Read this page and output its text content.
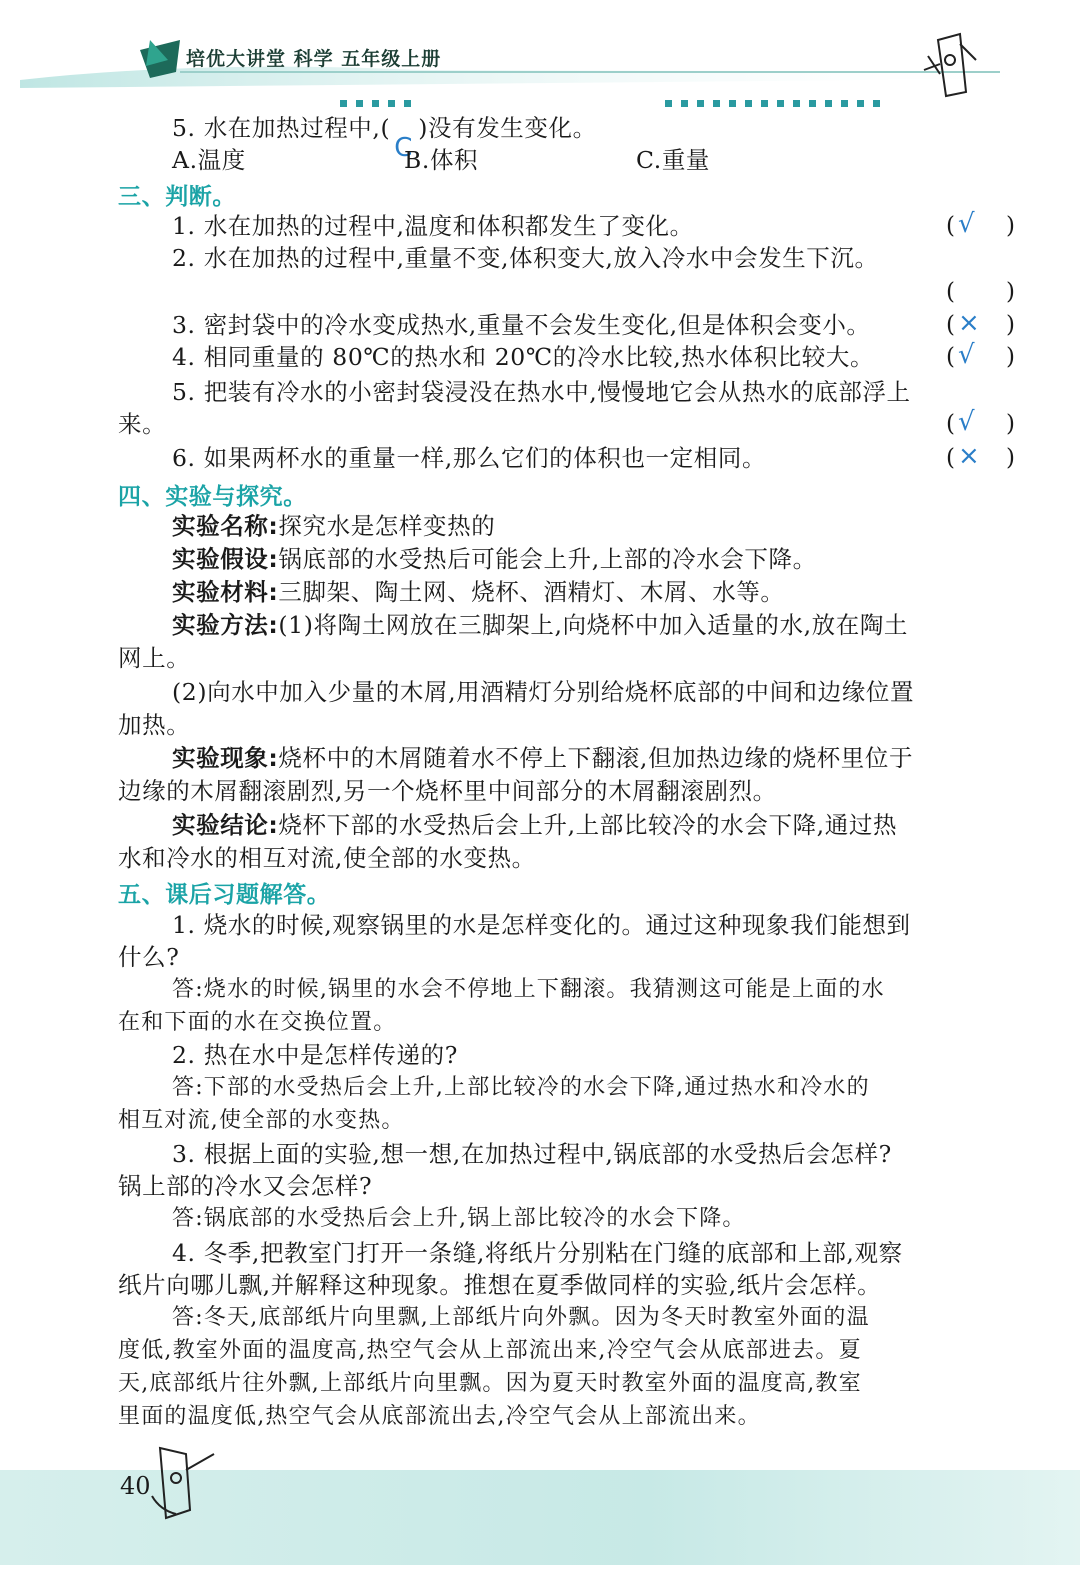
培优大讲堂 科学 五年级上册
5. 水在加热过程中,(
C
)没有发生变化。
A.温度	B.体积	C.重量
三、判断。
1. 水在加热的过程中,温度和体积都发生了变化。	( √ )
2. 水在加热的过程中,重量不变,体积变大,放入冷水中会发生下沉。
( )
3. 密封袋中的冷水变成热水,重量不会发生变化,但是体积会变小。	( × )
4. 相同重量的 80℃的热水和 20℃的冷水比较,热水体积比较大。	( √ )
5. 把装有冷水的小密封袋浸没在热水中,慢慢地它会从热水的底部浮上
来。	( √ )
6. 如果两杯水的重量一样,那么它们的体积也一定相同。	( × )
四、实验与探究。
实验名称:探究水是怎样变热的
实验假设:锅底部的水受热后可能会上升,上部的冷水会下降。
实验材料:三脚架、陶土网、烧杯、酒精灯、木屑、水等。
实验方法:(1)将陶土网放在三脚架上,向烧杯中加入适量的水,放在陶土
网上。
(2)向水中加入少量的木屑,用酒精灯分别给烧杯底部的中间和边缘位置
加热。
实验现象:烧杯中的木屑随着水不停上下翻滚,但加热边缘的烧杯里位于
边缘的木屑翻滚剧烈,另一个烧杯里中间部分的木屑翻滚剧烈。
实验结论:烧杯下部的水受热后会上升,上部比较冷的水会下降,通过热
水和冷水的相互对流,使全部的水变热。
五、课后习题解答。
1. 烧水的时候,观察锅里的水是怎样变化的。通过这种现象我们能想到
什么?
答:烧水的时候,锅里的水会不停地上下翻滚。我猜测这可能是上面的水
在和下面的水在交换位置。
2. 热在水中是怎样传递的?
答:下部的水受热后会上升,上部比较冷的水会下降,通过热水和冷水的
相互对流,使全部的水变热。
3. 根据上面的实验,想一想,在加热过程中,锅底部的水受热后会怎样?
锅上部的冷水又会怎样?
答:锅底部的水受热后会上升,锅上部比较冷的水会下降。
4. 冬季,把教室门打开一条缝,将纸片分别粘在门缝的底部和上部,观察
纸片向哪儿飘,并解释这种现象。推想在夏季做同样的实验,纸片会怎样。
答:冬天,底部纸片向里飘,上部纸片向外飘。因为冬天时教室外面的温
度低,教室外面的温度高,热空气会从上部流出来,冷空气会从底部进去。夏
天,底部纸片往外飘,上部纸片向里飘。因为夏天时教室外面的温度高,教室
里面的温度低,热空气会从底部流出去,冷空气会从上部流出来。
40
